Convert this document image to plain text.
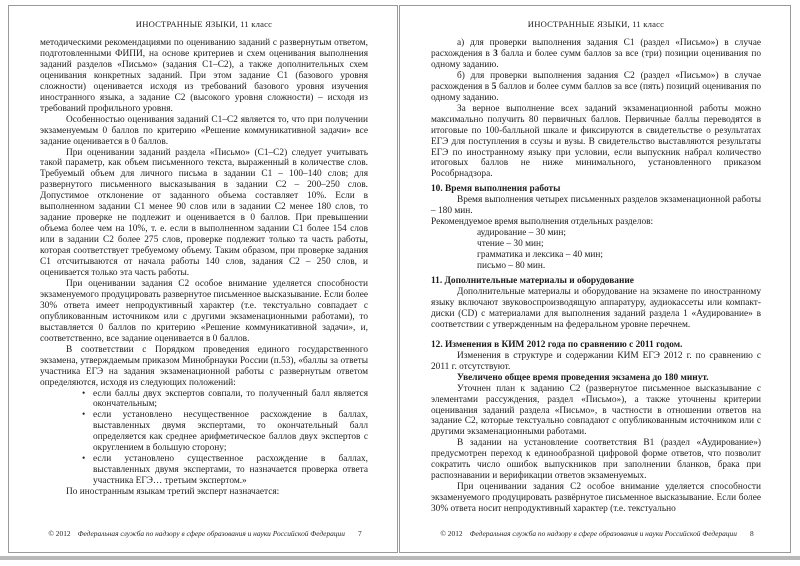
ИНОСТРАННЫЕ ЯЗЫКИ, 11 класс

методическими рекомендациями по оцениванию заданий с развернутым ответом, подготовленными ФИПИ, на основе критериев и схем оценивания выполнения заданий разделов «Письмо» (задания С1–С2), а также дополнительных схем оценивания конкретных заданий. При этом задание С1 (базового уровня сложности) оценивается исходя из требований базового уровня изучения иностранного языка, а задание С2 (высокого уровня сложности) – исходя из требований профильного уровня.

Особенностью оценивания заданий С1–С2 является то, что при получении экзаменуемым 0 баллов по критерию «Решение коммуникативной задачи» все задание оценивается в 0 баллов.

При оценивании заданий раздела «Письмо» (С1–С2) следует учитывать такой параметр, как объем письменного текста, выраженный в количестве слов. Требуемый объем для личного письма в задании С1 – 100–140 слов; для развернутого письменного высказывания в задании С2 – 200–250 слов. Допустимое отклонение от заданного объема составляет 10%. Если в выполненном задании С1 менее 90 слов или в задании С2 менее 180 слов, то задание проверке не подлежит и оценивается в 0 баллов. При превышении объема более чем на 10%, т. е. если в выполненном задании С1 более 154 слов или в задании С2 более 275 слов, проверке подлежит только та часть работы, которая соответствует требуемому объему. Таким образом, при проверке задания С1 отсчитываются от начала работы 140 слов, задания С2 – 250 слов, и оценивается только эта часть работы.

При оценивании задания С2 особое внимание уделяется способности экзаменуемого продуцировать развернутое письменное высказывание. Если более 30% ответа имеет непродуктивный характер (т.е. текстуально совпадает с опубликованным источником или с другими экзаменационными работами), то выставляется 0 баллов по критерию «Решение коммуникативной задачи», и, соответственно, все задание оценивается в 0 баллов.

В соответствии с Порядком проведения единого государственного экзамена, утверждаемым приказом Минобрнауки России (п.53), «баллы за ответы участника ЕГЭ на задания экзаменационной работы с развернутым ответом определяются, исходя из следующих положений:

• если баллы двух экспертов совпали, то полученный балл является окончательным;

• если установлено несущественное расхождение в баллах, выставленных двумя экспертами, то окончательный балл определяется как среднее арифметическое баллов двух экспертов с округлением в большую сторону;

• если установлено существенное расхождение в баллах, выставленных двумя экспертами, то назначается проверка ответа участника ЕГЭ… третьим экспертом.»

По иностранным языкам третий эксперт назначается:

© 2012 Федеральная служба по надзору в сфере образования и науки Российской Федерации 7
ИНОСТРАННЫЕ ЯЗЫКИ, 11 класс

а) для проверки выполнения задания С1 (раздел «Письмо») в случае расхождения в 3 балла и более сумм баллов за все (три) позиции оценивания по одному заданию.

б) для проверки выполнения задания С2 (раздел «Письмо») в случае расхождения в 5 баллов и более сумм баллов за все (пять) позиций оценивания по одному заданию.

За верное выполнение всех заданий экзаменационной работы можно максимально получить 80 первичных баллов. Первичные баллы переводятся в итоговые по 100-балльной шкале и фиксируются в свидетельстве о результатах ЕГЭ для поступления в ссузы и вузы. В свидетельство выставляются результаты ЕГЭ по иностранному языку при условии, если выпускник набрал количество итоговых баллов не ниже минимального, установленного приказом Рособрнадзора.

10. Время выполнения работы

Время выполнения четырех письменных разделов экзаменационной работы – 180 мин.

Рекомендуемое время выполнения отдельных разделов:

аудирование – 30 мин;

чтение – 30 мин;

грамматика и лексика – 40 мин;

письмо – 80 мин.

11. Дополнительные материалы и оборудование

Дополнительные материалы и оборудование на экзамене по иностранному языку включают звуковоспроизводящую аппаратуру, аудиокассеты или компакт-диски (CD) с материалами для выполнения заданий раздела 1 «Аудирование» в соответствии с утвержденным на федеральном уровне перечнем.

12. Изменения в КИМ 2012 года по сравнению с 2011 годом.

Изменения в структуре и содержании КИМ ЕГЭ 2012 г. по сравнению с 2011 г. отсутствуют.

Увеличено общее время проведения экзамена до 180 минут.

Уточнен план к заданию С2 (развернутое письменное высказывание с элементами рассуждения, раздел «Письмо»), а также уточнены критерии оценивания заданий раздела «Письмо», в частности в отношении ответов на задание С2, которые текстуально совпадают с опубликованным источником или с другими экзаменационными работами.

В задании на установление соответствия В1 (раздел «Аудирование») предусмотрен переход к единообразной цифровой форме ответов, что позволит сократить число ошибок выпускников при заполнении бланков, брака при распознавании и верификации ответов экзаменуемых.

При оценивании задания С2 особое внимание уделяется способности экзаменуемого продуцировать развёрнутое письменное высказывание. Если более 30% ответа носит непродуктивный характер (т.е. текстуально

© 2012 Федеральная служба по надзору в сфере образования и науки Российской Федерации 8
